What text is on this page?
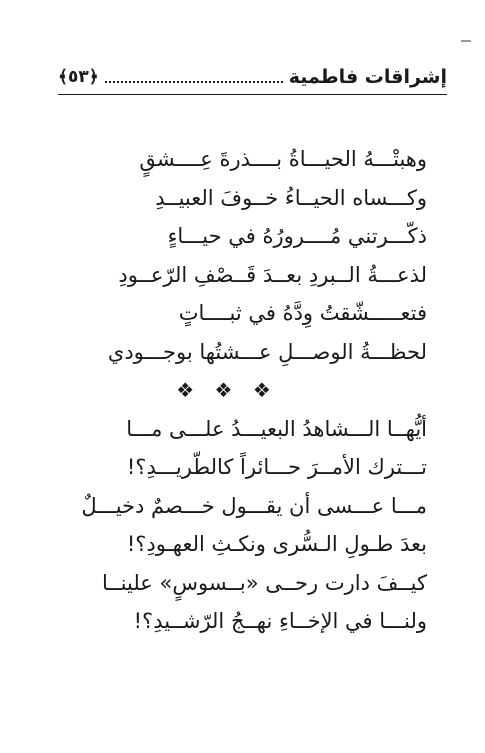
إشراقات فاطمية
﴿٥٣﴾
وهبتْـــهُ الحيـــاةُ بــــذرةَ عِــــشقٍ
وكـــساه الحيــاءُ خــوفَ العبيــدِ
ذكّـــرتني مُــــرورُهُ في حيـــاءٍ
لذعـــةُ الــبردِ بعــدَ قَــصْفِ الرّعــودِ
فتعـــــشّقتُ وِدَّهُ في ثبــــاتٍ
لحظـــةُ الوصـــلِ عـــشتُها بوجـــودي
❖ ❖ ❖
أيُّهــا الـــشاهدُ البعيـــدُ علـــى مـــا
تـــترك الأمــرَ حـــائراً كالطّريـــدِ؟!
مـــا عـــسى أن يقـــول خـــصمٌ دخيـــلٌ
بعدَ طـولِ الـسُّرى ونكـثِ العهـودِ؟!
كيــفَ دارت رحــى «بــسوسٍ» علينــا
ولنـــا في الإخــاءِ نهــجُ الرّشــيدِ؟!
